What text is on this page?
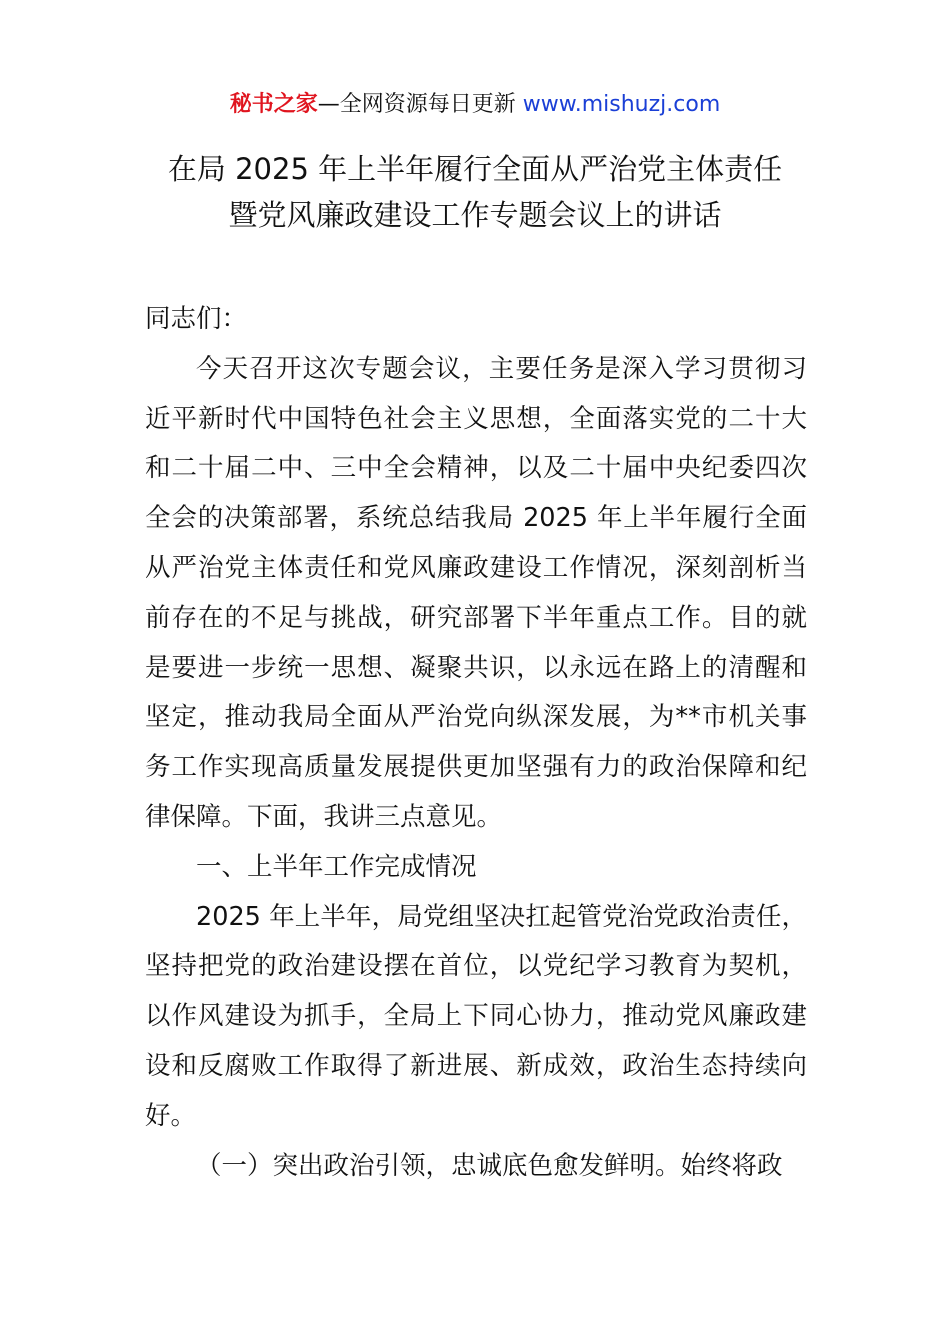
秘书之家—全网资源每日更新 www.mishuzj.com
在局 2025 年上半年履行全面从严治党主体责任
暨党风廉政建设工作专题会议上的讲话

同志们：

今天召开这次专题会议，主要任务是深入学习贯彻习近平新时代中国特色社会主义思想，全面落实党的二十大和二十届二中、三中全会精神，以及二十届中央纪委四次全会的决策部署，系统总结我局 2025 年上半年履行全面从严治党主体责任和党风廉政建设工作情况，深刻剖析当前存在的不足与挑战，研究部署下半年重点工作。目的就是要进一步统一思想、凝聚共识，以永远在路上的清醒和坚定，推动我局全面从严治党向纵深发展，为**市机关事务工作实现高质量发展提供更加坚强有力的政治保障和纪律保障。下面，我讲三点意见。

一、上半年工作完成情况

2025 年上半年，局党组坚决扛起管党治党政治责任，坚持把党的政治建设摆在首位，以党纪学习教育为契机，以作风建设为抓手，全局上下同心协力，推动党风廉政建设和反腐败工作取得了新进展、新成效，政治生态持续向好。

（一）突出政治引领，忠诚底色愈发鲜明。始终将政
